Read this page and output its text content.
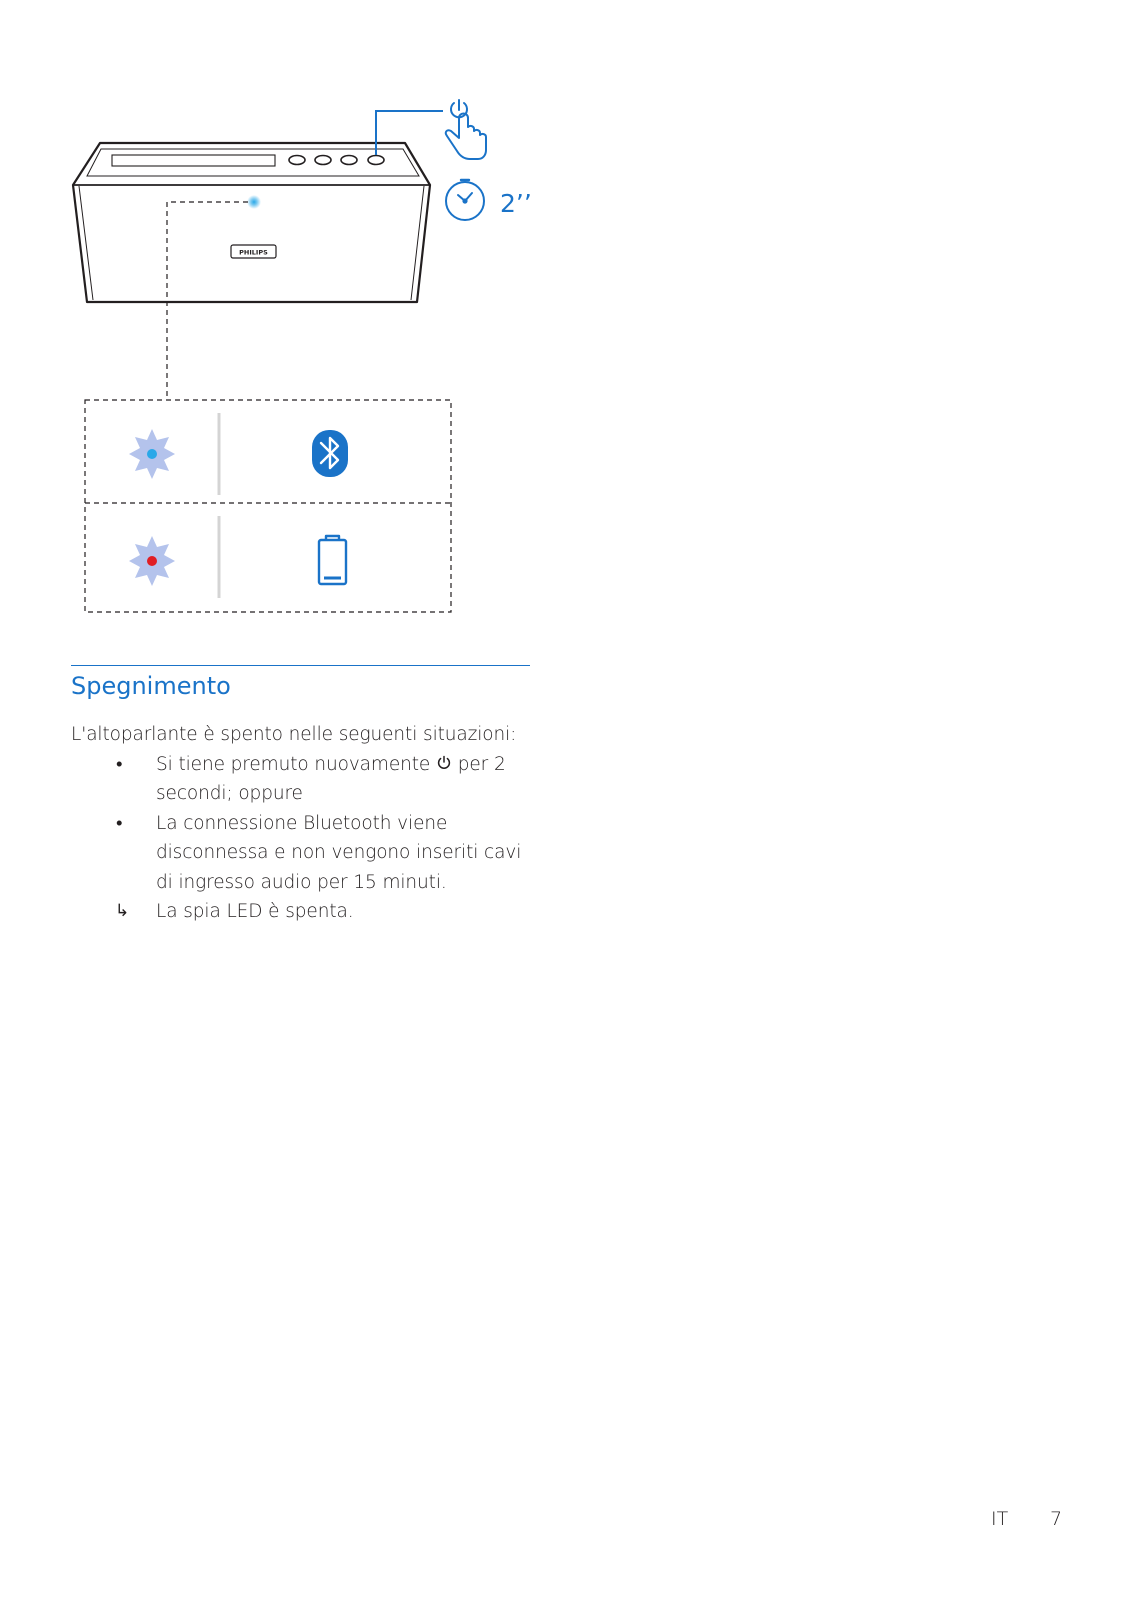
PHILIPS
2’’
Spegnimento

L'altoparlante è spento nelle seguenti situazioni:

• Si tiene premuto nuovamente  per 2 secondi; oppure
• La connessione Bluetooth viene disconnessa e non vengono inseriti cavi di ingresso audio per 15 minuti.
↳ La spia LED è spenta.
IT 7
